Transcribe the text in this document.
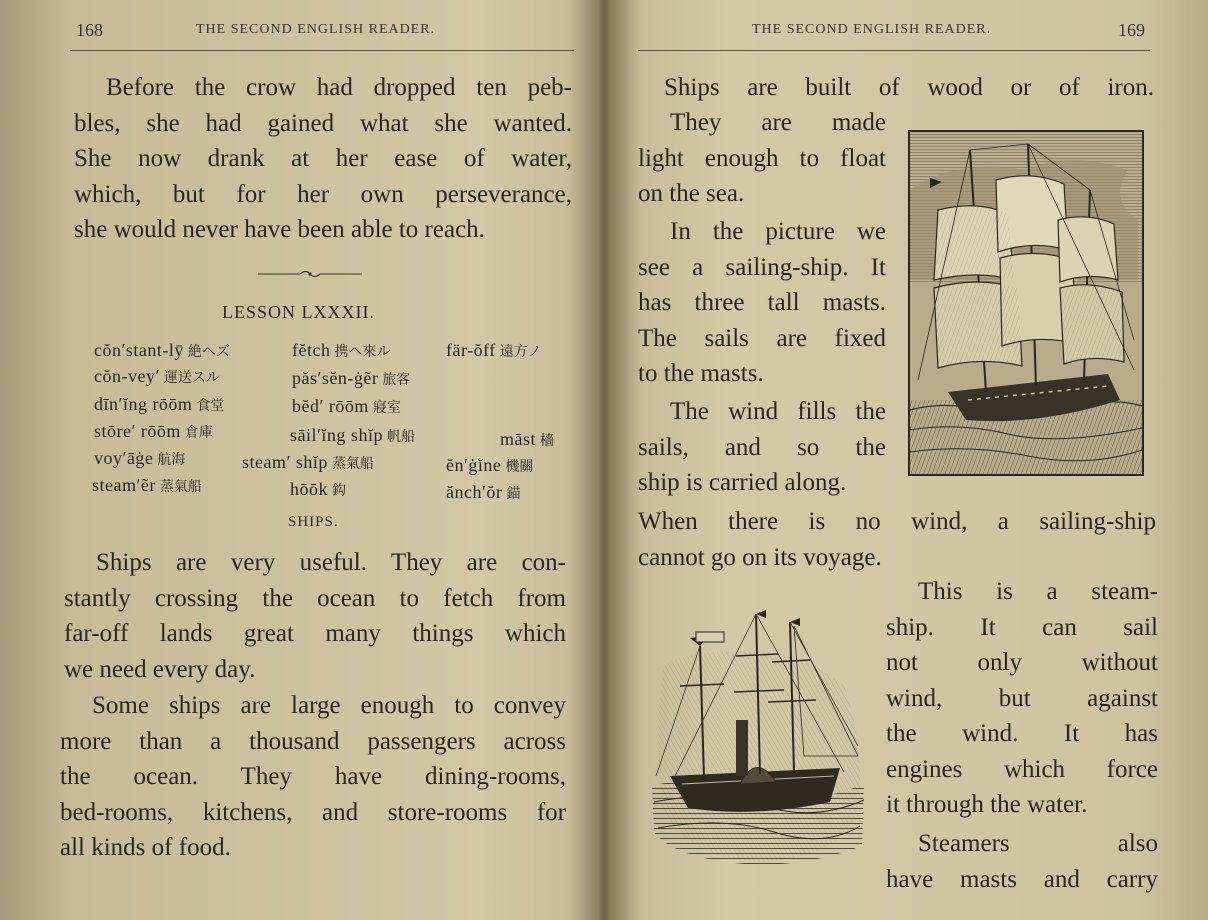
168	THE SECOND ENGLISH READER.
Before the crow had dropped ten peb-
bles, she had gained what she wanted.
She now drank at her ease of water,
which, but for her own perseverance,
she would never have been able to reach.
LESSON LXXXII.
cŏn′stant-lȳ 絶ヘズ	fĕtch 携ヘ來ル	fär-ŏff 遠方ノ
cŏn-vey′ 運送スル	păs′sĕn-ġẽr 旅客
dīn′ĭng rōōm 食堂	bĕd′ rōōm 寢室
stōre′ rōōm 倉庫	sāil′ĭng shĭp 帆船	māst 檣
voy′āġe 航海	steam′ shĭp 蒸氣船	ĕn′ġĭne 機關
steam′ẽr 蒸氣船	hōōk 鈎	ănch′ŏr 錨
SHIPS.
Ships are very useful. They are con-
stantly crossing the ocean to fetch from
far-off lands great many things which
we need every day.
Some ships are large enough to convey
more than a thousand passengers across
the ocean. They have dining-rooms,
bed-rooms, kitchens, and store-rooms for
all kinds of food.
THE SECOND ENGLISH READER.	169
Ships are built of wood or of iron.
They are made
light enough to float
on the sea.
In the picture we
see a sailing-ship. It
has three tall masts.
The sails are fixed
to the masts.
The wind fills the
sails, and so the
ship is carried along.
When there is no wind, a sailing-ship
cannot go on its voyage.
This is a steam-
ship. It can sail
not only without
wind, but against
the wind. It has
engines which force
it through the water.
Steamers also
have masts and carry
